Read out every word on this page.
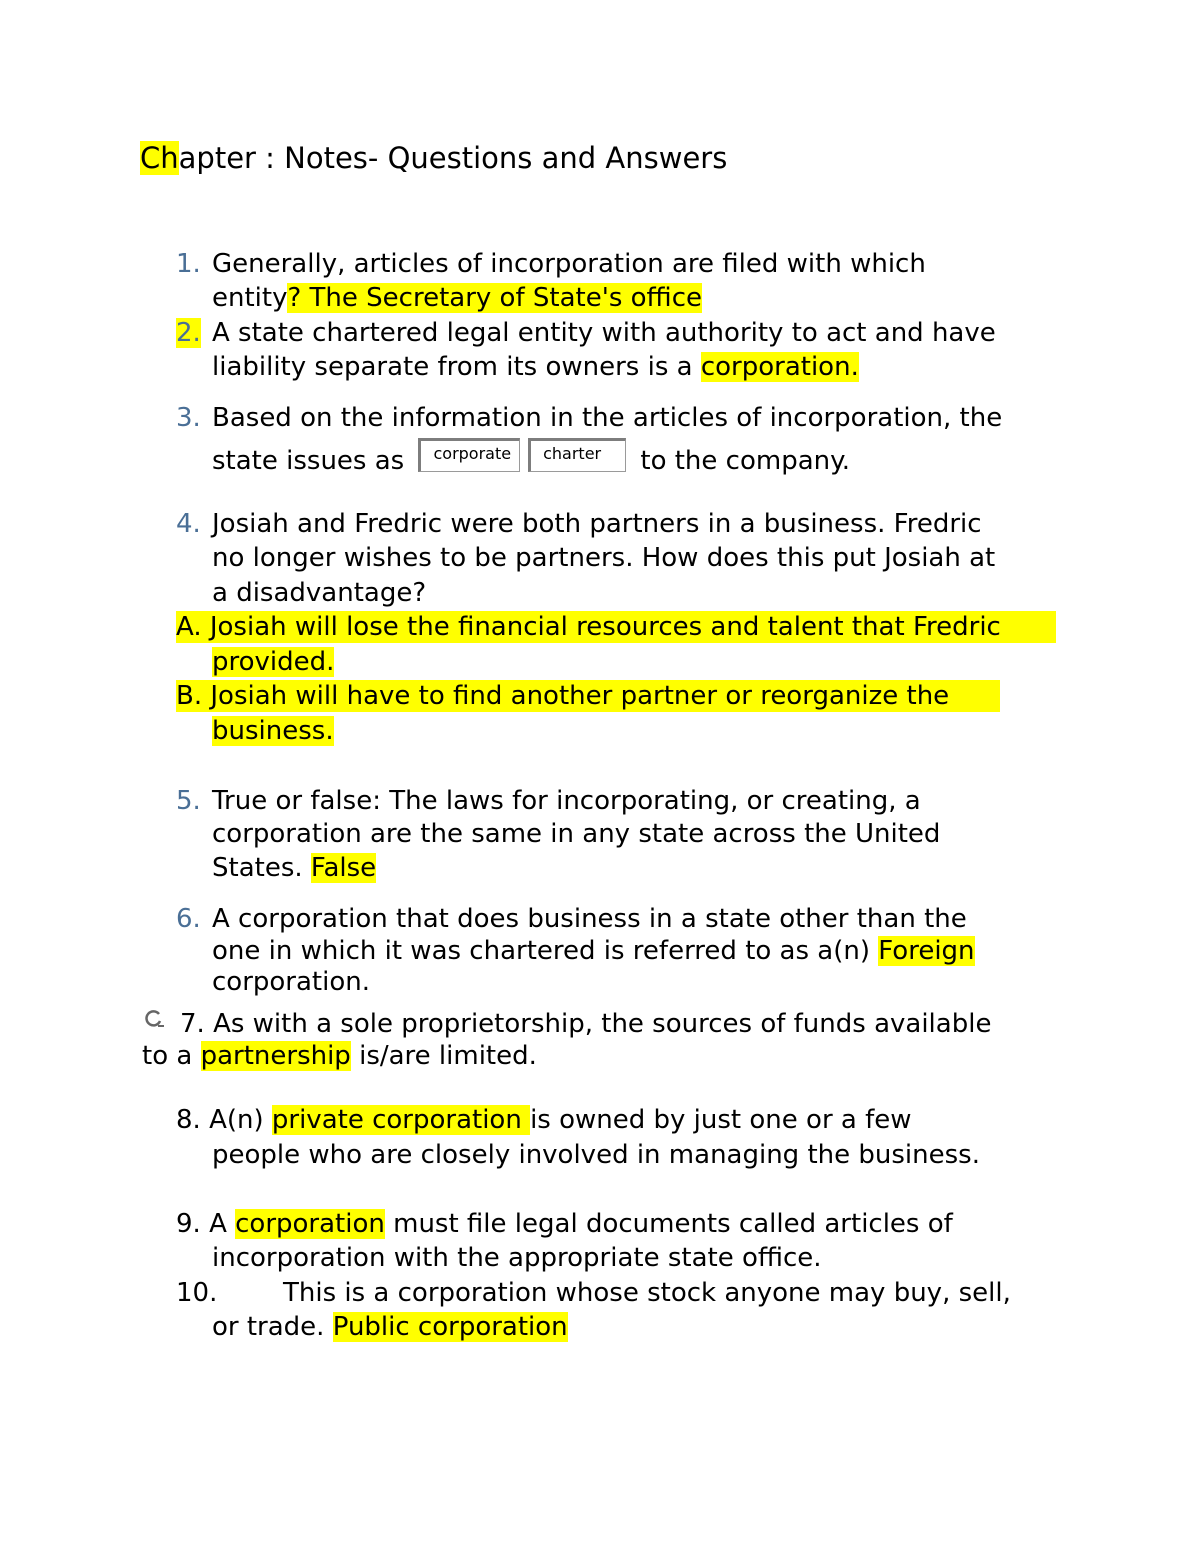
Chapter : Notes- Questions and Answers
1. Generally, articles of incorporation are filed with which
entity? The Secretary of State's office
2. A state chartered legal entity with authority to act and have
liability separate from its owners is a corporation.
3. Based on the information in the articles of incorporation, the
state issues as corporate charter to the company.
4. Josiah and Fredric were both partners in a business. Fredric
no longer wishes to be partners. How does this put Josiah at
a disadvantage?
A. Josiah will lose the financial resources and talent that Fredric
provided.
B. Josiah will have to find another partner or reorganize the
business.
5. True or false: The laws for incorporating, or creating, a
corporation are the same in any state across the United
States. False
6. A corporation that does business in a state other than the
one in which it was chartered is referred to as a(n) Foreign
corporation.
7. As with a sole proprietorship, the sources of funds available
to a partnership is/are limited.
8. A(n) private corporation is owned by just one or a few
people who are closely involved in managing the business.
9. A corporation must file legal documents called articles of
incorporation with the appropriate state office.
10.	This is a corporation whose stock anyone may buy, sell,
or trade. Public corporation
